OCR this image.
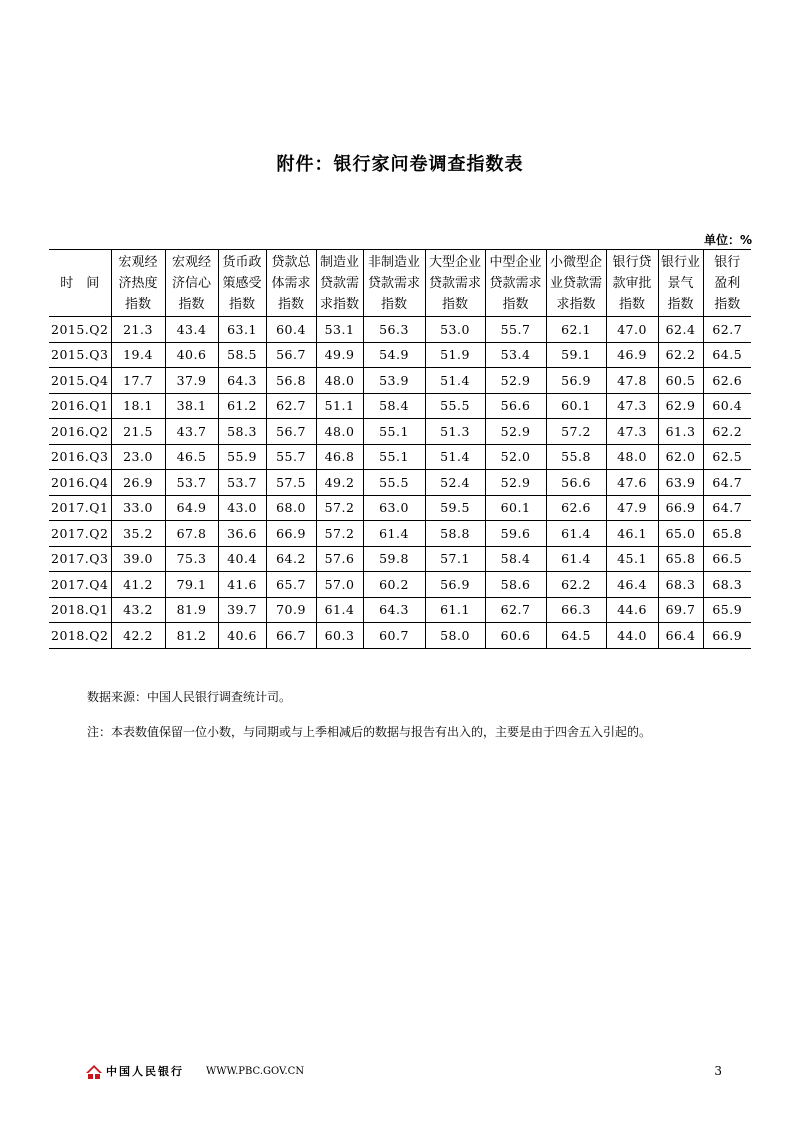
附件：银行家问卷调查指数表
单位：%
时　间	宏观经
济热度
指数	宏观经
济信心
指数	货币政
策感受
指数	贷款总
体需求
指数	制造业
贷款需
求指数	非制造业
贷款需求
指数	大型企业
贷款需求
指数	中型企业
贷款需求
指数	小微型企
业贷款需
求指数	银行贷
款审批
指数	银行业
景气
指数	银行
盈利
指数

2015.Q2	21.3	43.4	63.1	60.4	53.1	56.3	53.0	55.7	62.1	47.0	62.4	62.7
2015.Q3	19.4	40.6	58.5	56.7	49.9	54.9	51.9	53.4	59.1	46.9	62.2	64.5
2015.Q4	17.7	37.9	64.3	56.8	48.0	53.9	51.4	52.9	56.9	47.8	60.5	62.6
2016.Q1	18.1	38.1	61.2	62.7	51.1	58.4	55.5	56.6	60.1	47.3	62.9	60.4
2016.Q2	21.5	43.7	58.3	56.7	48.0	55.1	51.3	52.9	57.2	47.3	61.3	62.2
2016.Q3	23.0	46.5	55.9	55.7	46.8	55.1	51.4	52.0	55.8	48.0	62.0	62.5
2016.Q4	26.9	53.7	53.7	57.5	49.2	55.5	52.4	52.9	56.6	47.6	63.9	64.7
2017.Q1	33.0	64.9	43.0	68.0	57.2	63.0	59.5	60.1	62.6	47.9	66.9	64.7
2017.Q2	35.2	67.8	36.6	66.9	57.2	61.4	58.8	59.6	61.4	46.1	65.0	65.8
2017.Q3	39.0	75.3	40.4	64.2	57.6	59.8	57.1	58.4	61.4	45.1	65.8	66.5
2017.Q4	41.2	79.1	41.6	65.7	57.0	60.2	56.9	58.6	62.2	46.4	68.3	68.3
2018.Q1	43.2	81.9	39.7	70.9	61.4	64.3	61.1	62.7	66.3	44.6	69.7	65.9
2018.Q2	42.2	81.2	40.6	66.7	60.3	60.7	58.0	60.6	64.5	44.0	66.4	66.9
数据来源：中国人民银行调查统计司。
注：本表数值保留一位小数，与同期或与上季相减后的数据与报告有出入的，主要是由于四舍五入引起的。
中国人民银行 WWW.PBC.GOV.CN	3
